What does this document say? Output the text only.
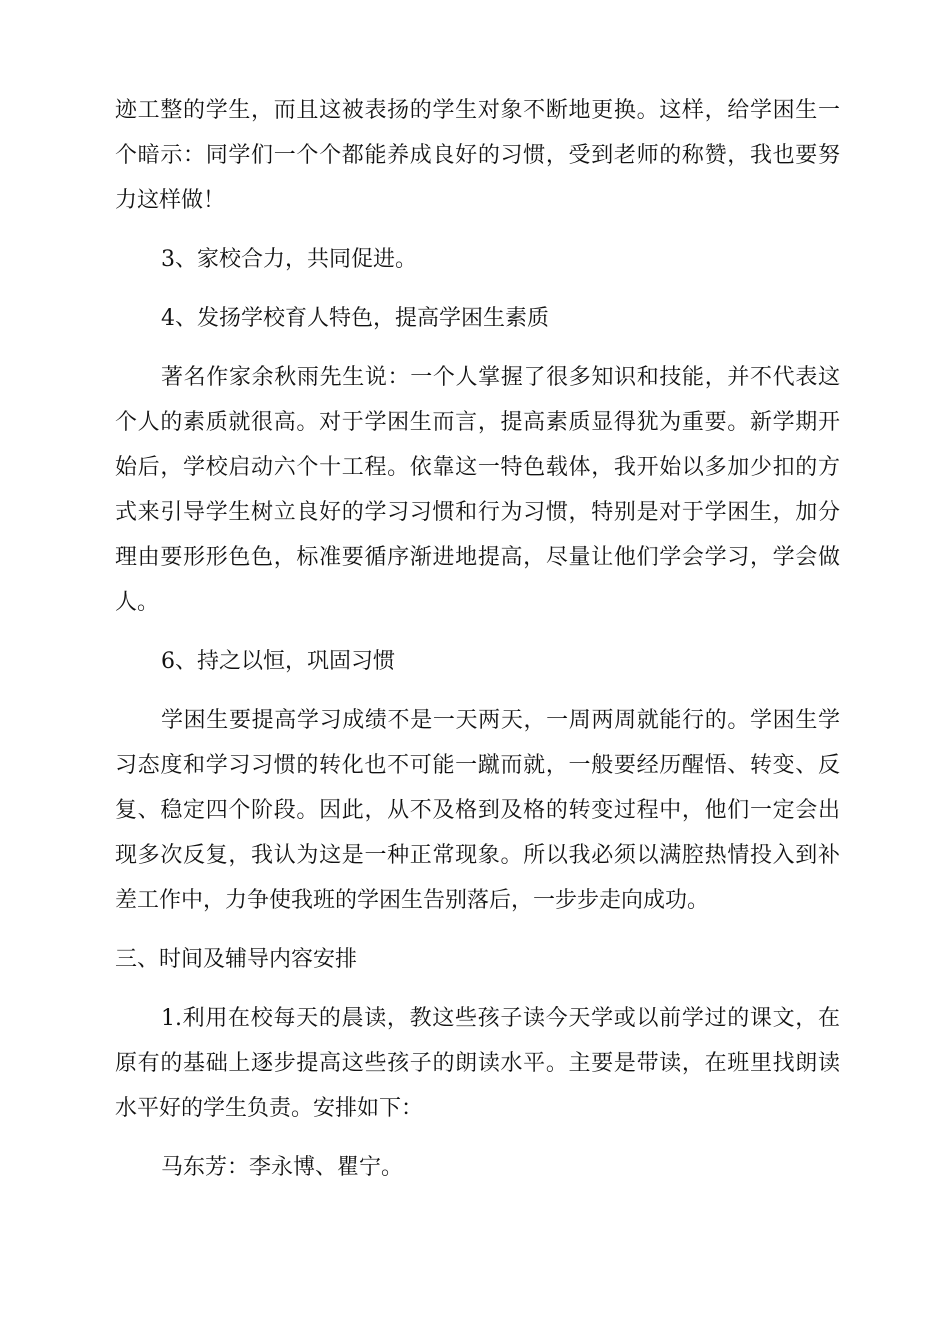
迹工整的学生，而且这被表扬的学生对象不断地更换。这样，给学困生一
个暗示：同学们一个个都能养成良好的习惯，受到老师的称赞，我也要努
力这样做！
3、家校合力，共同促进。
4、发扬学校育人特色，提高学困生素质
著名作家余秋雨先生说：一个人掌握了很多知识和技能，并不代表这
个人的素质就很高。对于学困生而言，提高素质显得犹为重要。新学期开
始后，学校启动六个十工程。依靠这一特色载体，我开始以多加少扣的方
式来引导学生树立良好的学习习惯和行为习惯，特别是对于学困生，加分
理由要形形色色，标准要循序渐进地提高，尽量让他们学会学习，学会做
人。
6、持之以恒，巩固习惯
学困生要提高学习成绩不是一天两天，一周两周就能行的。学困生学
习态度和学习习惯的转化也不可能一蹴而就，一般要经历醒悟、转变、反
复、稳定四个阶段。因此，从不及格到及格的转变过程中，他们一定会出
现多次反复，我认为这是一种正常现象。所以我必须以满腔热情投入到补
差工作中，力争使我班的学困生告别落后，一步步走向成功。
三、时间及辅导内容安排
1.利用在校每天的晨读，教这些孩子读今天学或以前学过的课文，在
原有的基础上逐步提高这些孩子的朗读水平。主要是带读，在班里找朗读
水平好的学生负责。安排如下：
马东芳：李永博、瞿宁。
